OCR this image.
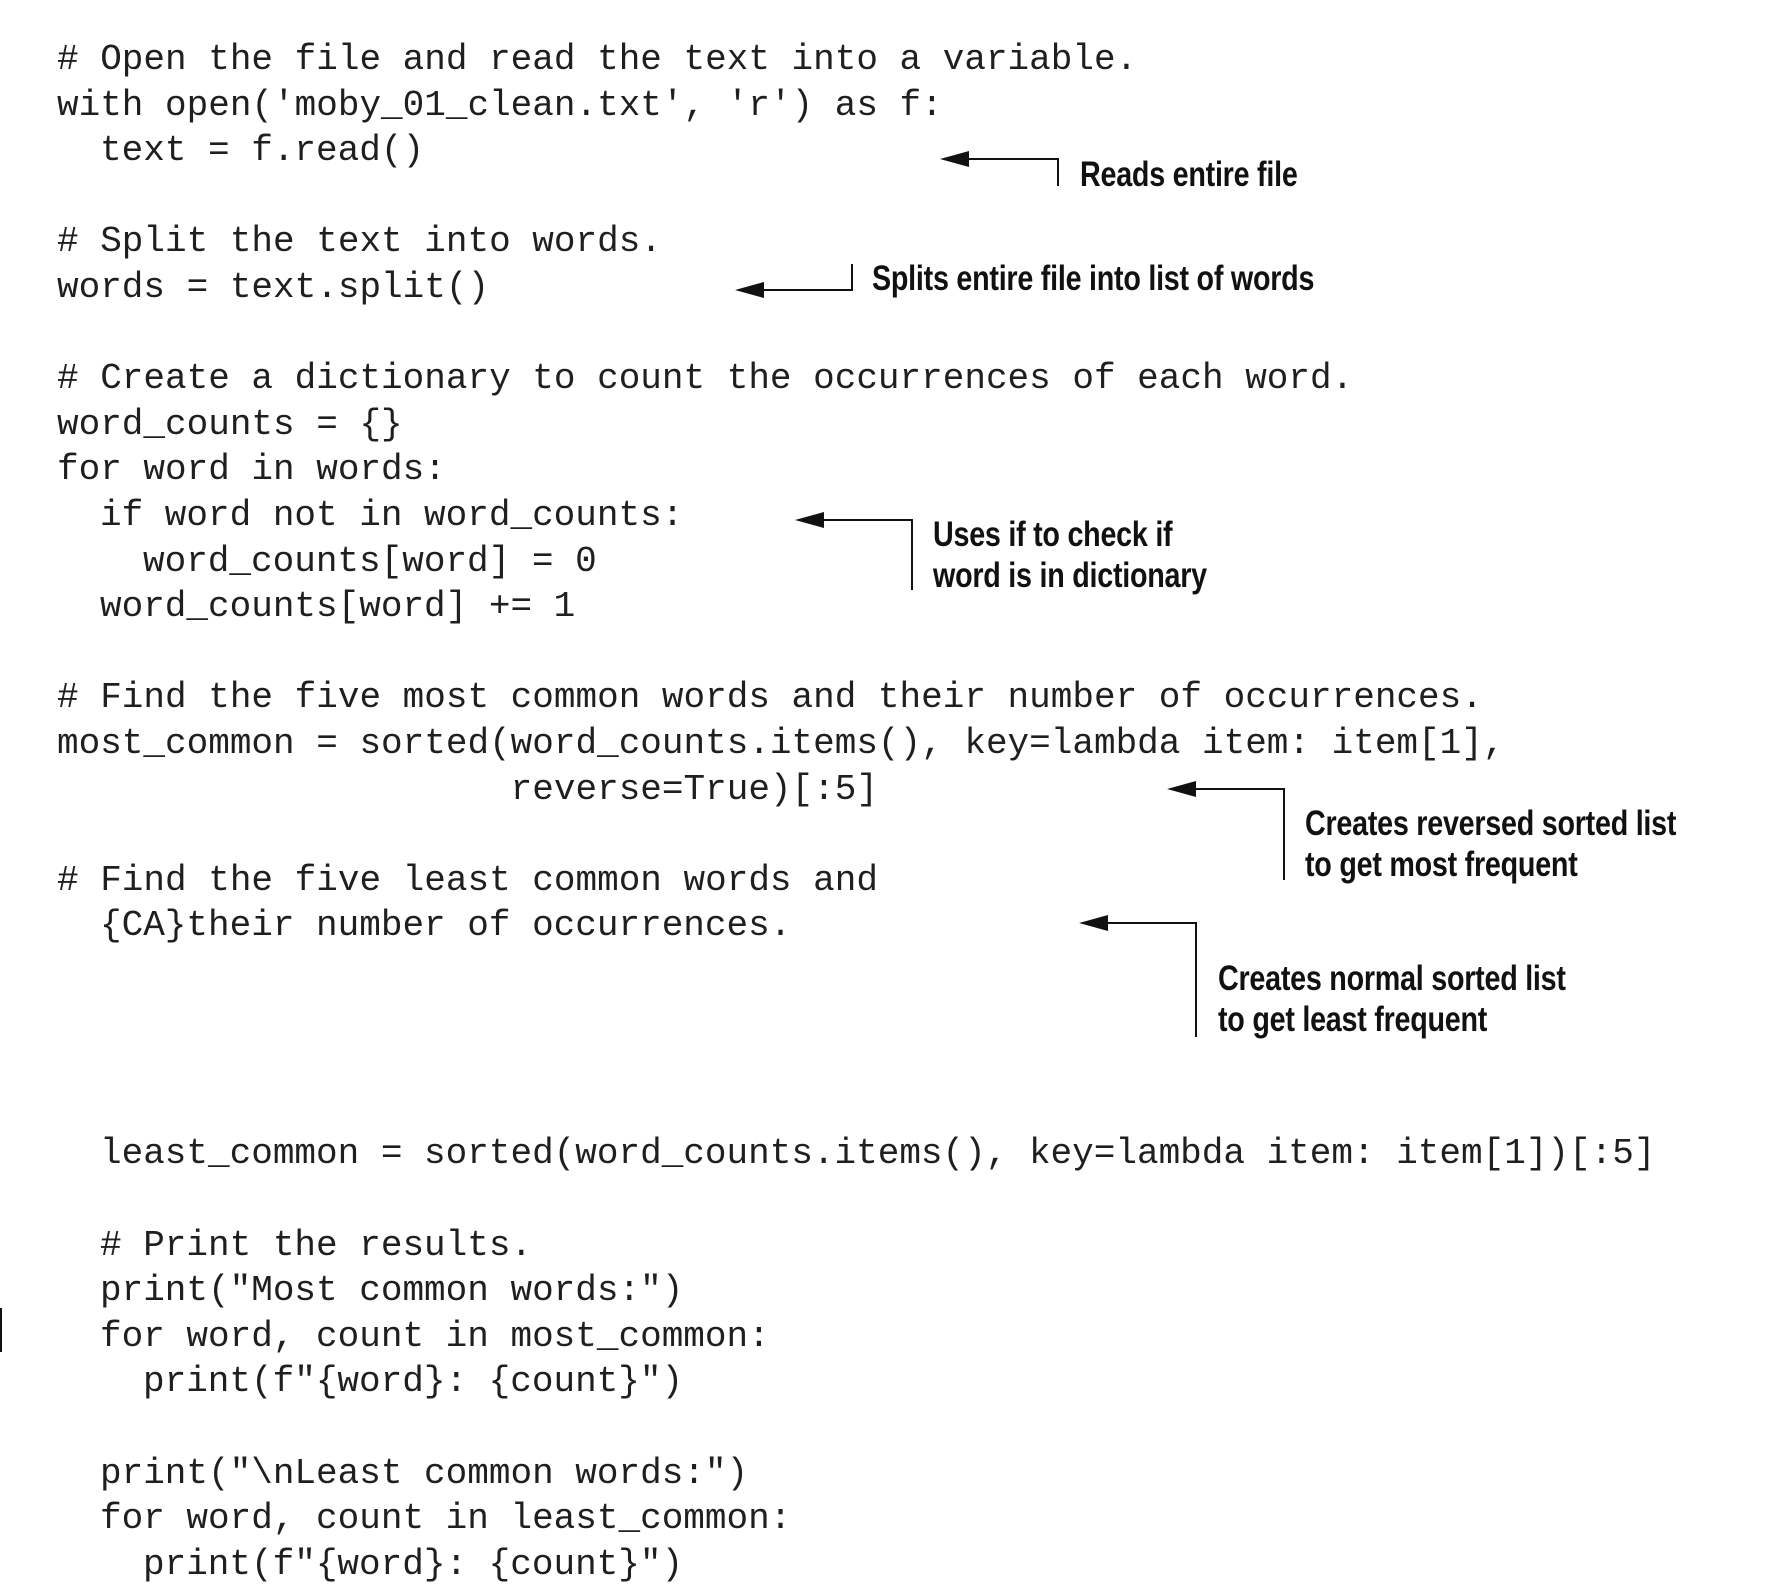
# Open the file and read the text into a variable.
with open('moby_01_clean.txt', 'r') as f:
text = f.read()
# Split the text into words.
words = text.split()
# Create a dictionary to count the occurrences of each word.
word_counts = {}
for word in words:
if word not in word_counts:
word_counts[word] = 0
word_counts[word] += 1
# Find the five most common words and their number of occurrences.
most_common = sorted(word_counts.items(), key=lambda item: item[1],
reverse=True)[:5]
# Find the five least common words and
{CA}their number of occurrences.
least_common = sorted(word_counts.items(), key=lambda item: item[1])[:5]
# Print the results.
print("Most common words:")
for word, count in most_common:
print(f"{word}: {count}")
print("\nLeast common words:")
for word, count in least_common:
print(f"{word}: {count}")
Reads entire file
Splits entire file into list of words
Uses if to check if
word is in dictionary
Creates reversed sorted list
to get most frequent
Creates normal sorted list
to get least frequent
